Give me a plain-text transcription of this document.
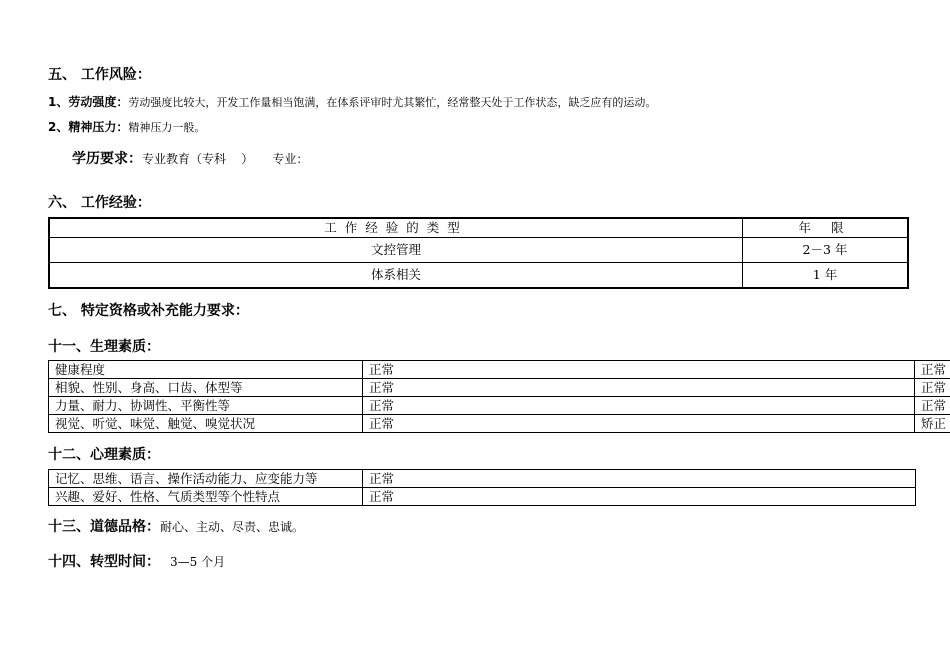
五、 工作风险：
1、劳动强度：劳动强度比较大，开发工作量相当饱满，在体系评审时尤其繁忙，经常整天处于工作状态，缺乏应有的运动。
2、精神压力：精神压力一般。
学历要求：专业教育（专科    ）     专业：
六、 工作经验：
工作经验的类型	年 限
文控管理	2－3 年
体系相关	1 年
七、 特定资格或补充能力要求：
十一、生理素质：
健康程度	正常	正常
相貌、性别、身高、口齿、体型等	正常	正常
力量、耐力、协调性、平衡性等	正常	正常
视觉、听觉、味觉、触觉、嗅觉状况	正常	矫正
十二、心理素质：
记忆、思维、语言、操作活动能力、应变能力等	正常
兴趣、爱好、性格、气质类型等个性特点	正常
十三、道德品格：耐心、主动、尽责、忠诚。
十四、转型时间： 3—5 个月
